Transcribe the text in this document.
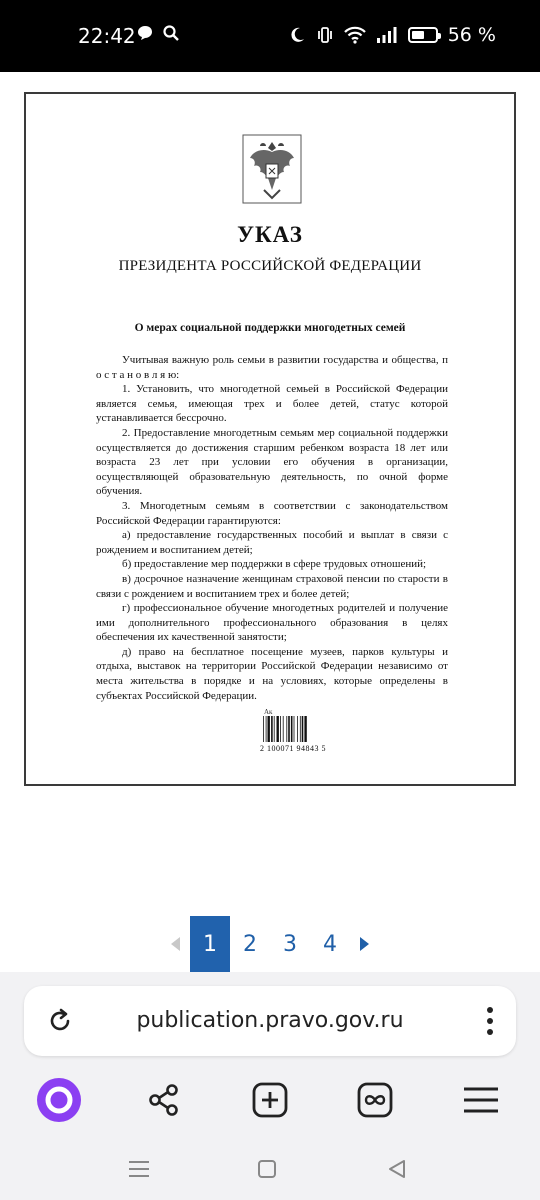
22:42	56 %
УКАЗ
ПРЕЗИДЕНТА РОССИЙСКОЙ ФЕДЕРАЦИИ
О мерах социальной поддержки многодетных семей

Учитывая важную роль семьи в развитии государства и общества, п о с т а н о в л я ю:

1. Установить, что многодетной семьей в Российской Федерации является семья, имеющая трех и более детей, статус которой устанавливается бессрочно.

2. Предоставление многодетным семьям мер социальной поддержки осуществляется до достижения старшим ребенком возраста 18 лет или возраста 23 лет при условии его обучения в организации, осуществляющей образовательную деятельность, по очной форме обучения.

3. Многодетным семьям в соответствии с законодательством Российской Федерации гарантируются:

а) предоставление государственных пособий и выплат в связи с рождением и воспитанием детей;

б) предоставление мер поддержки в сфере трудовых отношений;

в) досрочное назначение женщинам страховой пенсии по старости в связи с рождением и воспитанием трех и более детей;

г) профессиональное обучение многодетных родителей и получение ими дополнительного профессионального образования в целях обеспечения их качественной занятости;

д) право на бесплатное посещение музеев, парков культуры и отдыха, выставок на территории Российской Федерации независимо от места жительства в порядке и на условиях, которые определены в субъектах Российской Федерации.

Ак
2 100071 94843 5
1	2	3	4
publication.pravo.gov.ru
